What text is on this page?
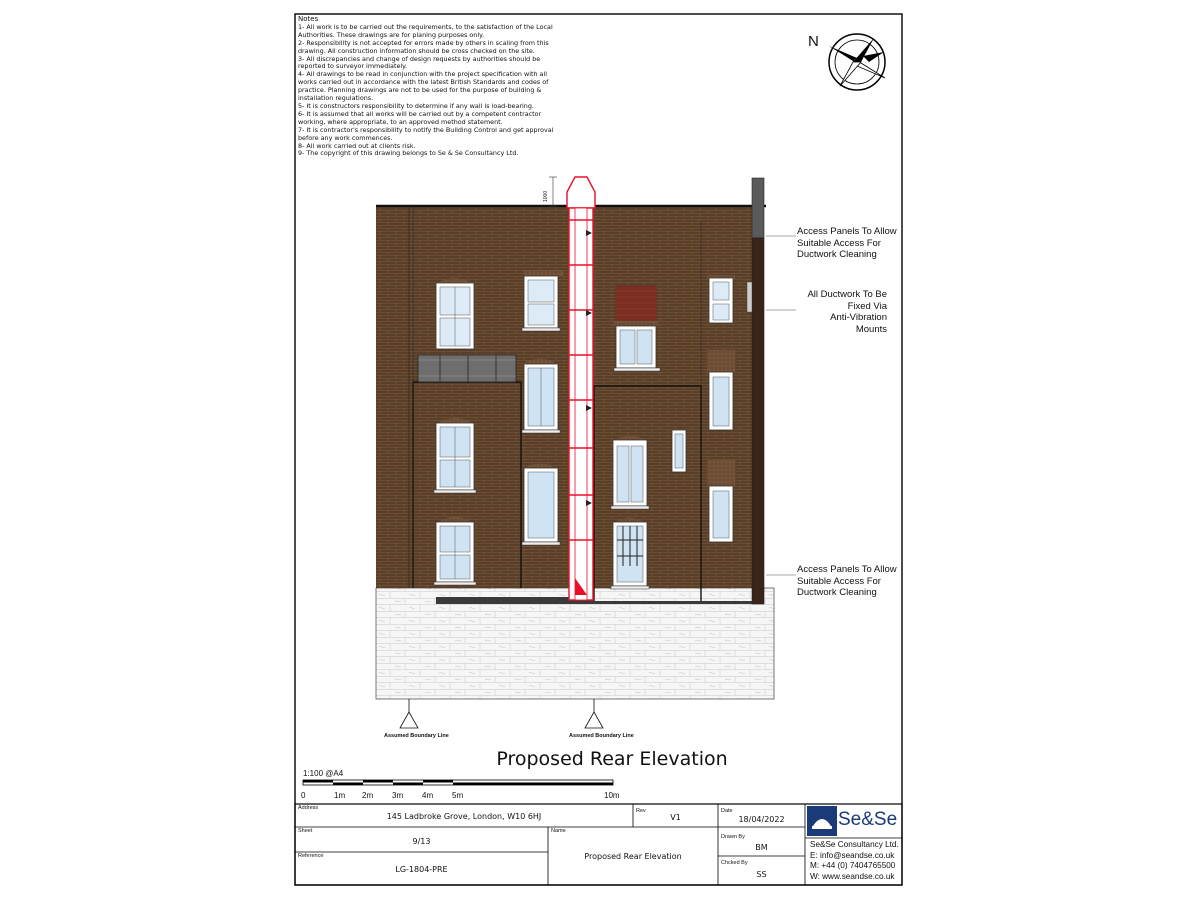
Notes
1- All work is to be carried out the requirements, to the satisfaction of the Local Authorities. These drawings are for planing purposes only.
2- Responsibility is not accepted for errors made by others in scaling from this drawing. All construction information should be cross checked on the site.
3- All discrepancies and change of design requests by authorities should be reported to surveyor immediately.
4- All drawings to be read in conjunction with the project specification with all works carried out in accordance with the latest British Standards and codes of practice. Planning drawings are not to be used for the purpose of building & installation regulations.
5- It is constructors responsibility to determine if any wall is load-bearing.
6- It is assumed that all works will be carried out by a competent contractor working, where appropriate, to an approved method statement.
7- It is contractor's responsibility to notify the Building Control and get approval before any work commences.
8- All work carried out at clients risk.
9- The copyright of this drawing belongs to Se & Se Consultancy Ltd.
N
1000
Access Panels To Allow
Suitable Access For
Ductwork Cleaning
All Ductwork To Be
Fixed Via
Anti-Vibration Mounts
Access Panels To Allow
Suitable Access For
Ductwork Cleaning
Assumed Boundary Line	Assumed Boundary Line
Proposed Rear Elevation
1:100 @A4
0	1m 2m 3m 4m 5m	10m
Address
145 Ladbroke Grove, London, W10 6HJ
Rev
V1
Date
18/04/2022
Sheet
9/13
Name
Proposed Rear Elevation
Drawn By
BM
Reference
LG-1804-PRE
Chcked By
SS
Se&Se
Se&Se Consultancy Ltd.
E: info@seandse.co.uk
M: +44 (0) 7404765500
W: www.seandse.co.uk
